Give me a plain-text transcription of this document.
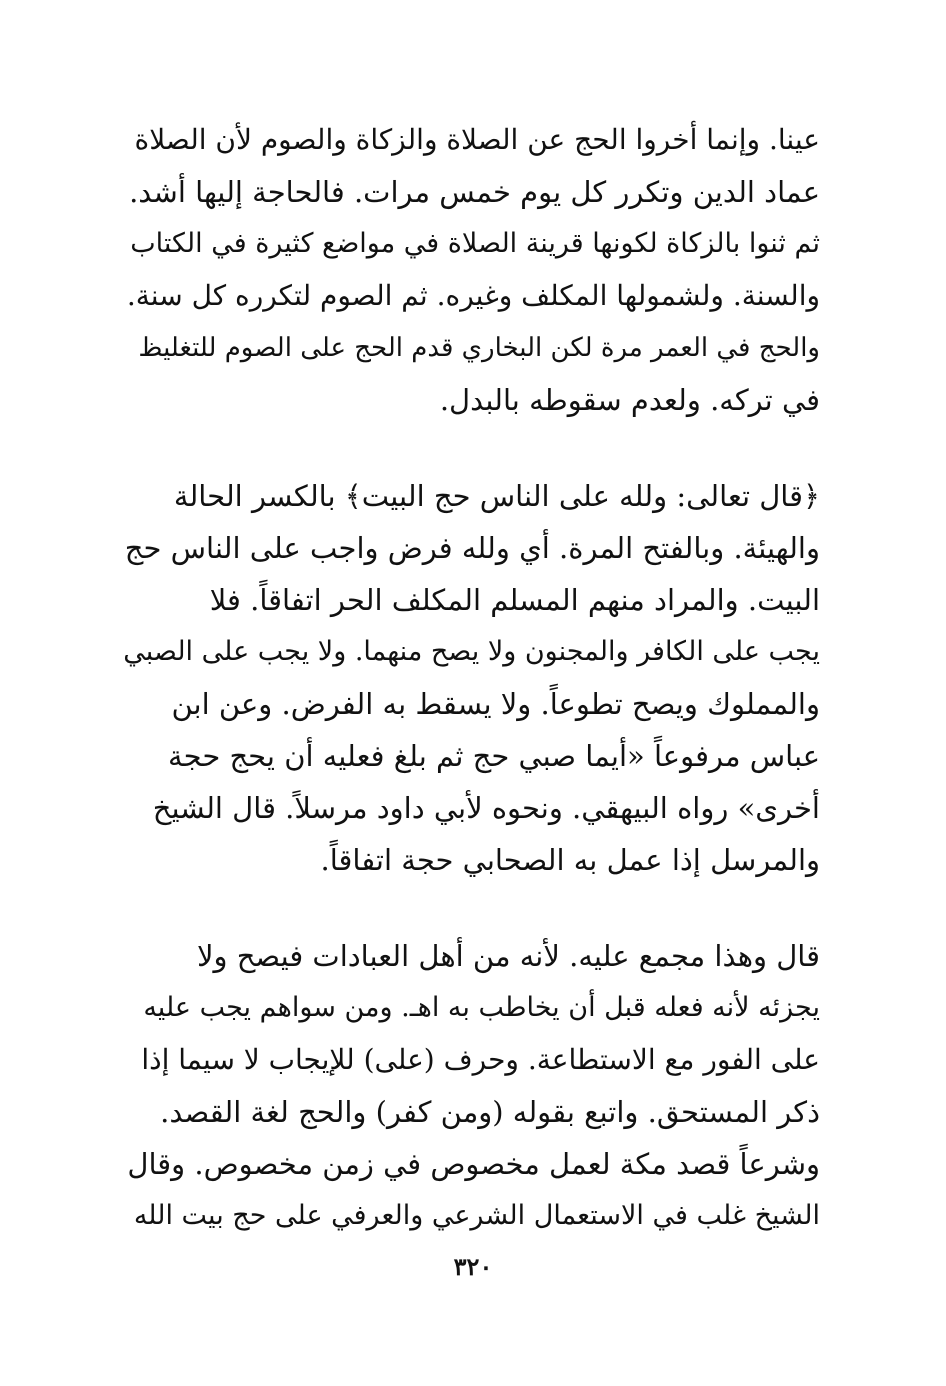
عينا. وإنما أخروا الحج عن الصلاة والزكاة والصوم لأن الصلاة
عماد الدين وتكرر كل يوم خمس مرات. فالحاجة إليها أشد.
ثم ثنوا بالزكاة لكونها قرينة الصلاة في مواضع كثيرة في الكتاب
والسنة. ولشمولها المكلف وغيره. ثم الصوم لتكرره كل سنة.
والحج في العمر مرة لكن البخاري قدم الحج على الصوم للتغليظ
في تركه. ولعدم سقوطه بالبدل.
﴿قال تعالى: ولله على الناس حج البيت﴾ بالكسر الحالة
والهيئة. وبالفتح المرة. أي ولله فرض واجب على الناس حج
البيت. والمراد منهم المسلم المكلف الحر اتفاقاً. فلا
يجب على الكافر والمجنون ولا يصح منهما. ولا يجب على الصبي
والمملوك ويصح تطوعاً. ولا يسقط به الفرض. وعن ابن
عباس مرفوعاً «أيما صبي حج ثم بلغ فعليه أن يحج حجة
أخرى» رواه البيهقي. ونحوه لأبي داود مرسلاً. قال الشيخ
والمرسل إذا عمل به الصحابي حجة اتفاقاً.
قال وهذا مجمع عليه. لأنه من أهل العبادات فيصح ولا
يجزئه لأنه فعله قبل أن يخاطب به اهـ. ومن سواهم يجب عليه
على الفور مع الاستطاعة. وحرف (على) للإيجاب لا سيما إذا
ذكر المستحق. واتبع بقوله (ومن كفر) والحج لغة القصد.
وشرعاً قصد مكة لعمل مخصوص في زمن مخصوص. وقال
الشيخ غلب في الاستعمال الشرعي والعرفي على حج بيت الله
٣٢٠
